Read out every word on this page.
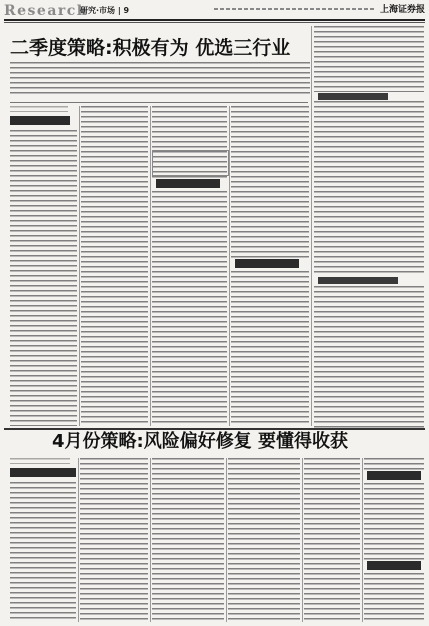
Research
研究·市场 | 9	上海证券报
二季度策略:积极有为 优选三行业
4月份策略:风险偏好修复 要懂得收获
